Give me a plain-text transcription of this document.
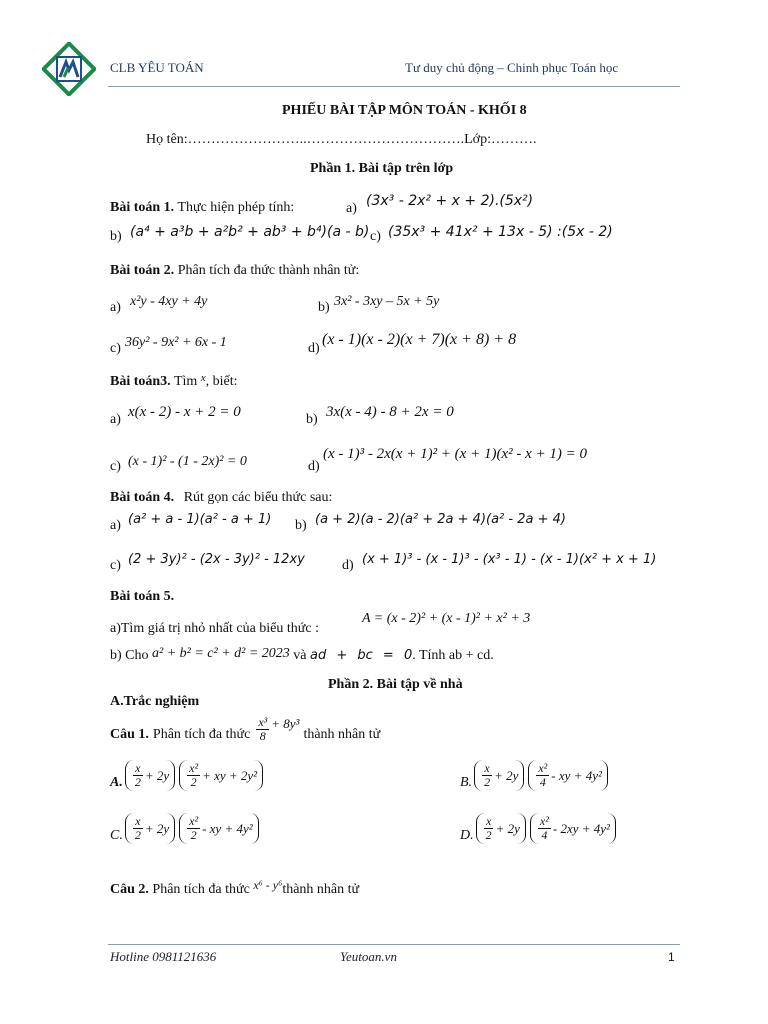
CLB YÊU TOÁN	Tư duy chủ động – Chinh phục Toán học
PHIẾU BÀI TẬP MÔN TOÁN - KHỐI 8
Họ tên:……………………..…………………………….Lớp:……….
Phần 1. Bài tập trên lớp
Bài toán 1. Thực hiện phép tính:	a) (3x³ - 2x² + x + 2).(5x²)
b) (a⁴ + a³b + a²b² + ab³ + b⁴)(a - b) c) (35x³ + 41x² + 13x - 5) :(5x - 2)
Bài toán 2. Phân tích đa thức thành nhân tử:
a) x²y - 4xy + 4y	b) 3x² - 3xy – 5x + 5y
c) 36y² - 9x² + 6x - 1	d)
(x - 1)(x - 2)(x + 7)(x + 8) + 8
Bài toán3. Tìm $^x$, biết:
a) x(x - 2) - x + 2 = 0	b) 3x(x - 4) - 8 + 2x = 0
c) (x - 1)² - (1 - 2x)² = 0	d)
(x - 1)³ - 2x(x + 1)² + (x + 1)(x² - x + 1) = 0
Bài toán 4. Rút gọn các biểu thức sau:
a) (a² + a - 1)(a² - a + 1) b) (a + 2)(a - 2)(a² + 2a + 4)(a² - 2a + 4)
c) (2 + 3y)² - (2x - 3y)² - 12xy	d) (x + 1)³ - (x - 1)³ - (x³ - 1) - (x - 1)(x² + x + 1)
Bài toán 5.
a)Tìm giá trị nhỏ nhất của biểu thức :
A = (x - 2)² + (x - 1)² + x² + 3
b) Cho a² + b² = c² + d² = 2023 và ad + bc = 0. Tính ab + cd.
Phần 2. Bài tập về nhà
A.Trắc nghiệm
Câu 1. Phân tích đa thức $\frac{\text{x³}}{8} + 8y^3$
thành nhân tử
A. $\frac{x}{2} + 2y \frac{\text{x²}}{2}$ + xy + 2y²	B. $\frac{x}{2} + 2y \frac{\text{x²}}{4}$ - xy + 4y²
C. $\frac{x}{2} + 2y \frac{\text{x²}}{2}$ - xy + 4y²	D. $\frac{x}{2} + 2y \frac{\text{x²}}{4} - 2xy + 4y^2$
Câu 2. Phân tích đa thức x⁶ - y⁶thành nhân tử
Hotline 0981121636	Yeutoan.vn	1
